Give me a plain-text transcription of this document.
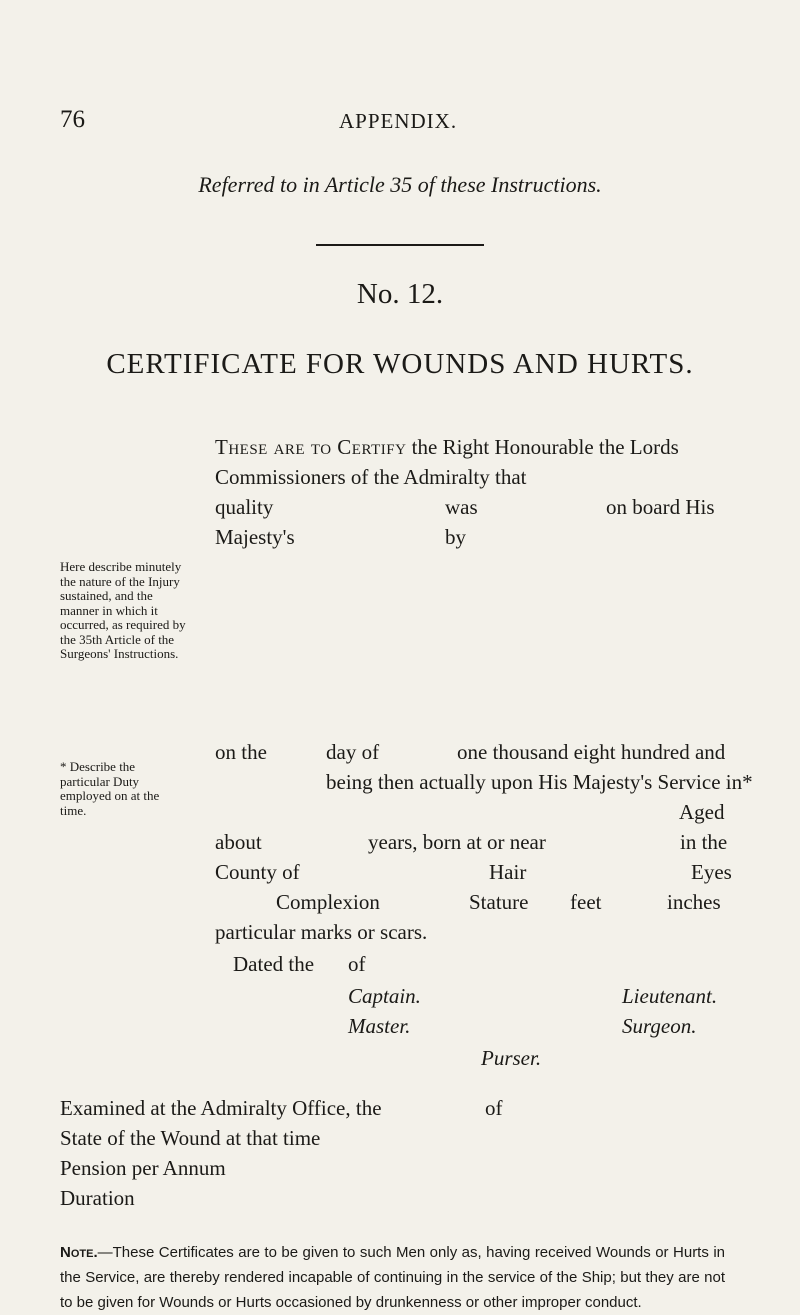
76	APPENDIX.
Referred to in Article 35 of these Instructions.
No. 12.
CERTIFICATE FOR WOUNDS AND HURTS.
These are to Certify the Right Honourable the Lords
Commissioners of the Admiralty that
quality	was	on board His
Majesty's	by
Here describe minutely the nature of the Injury sustained, and the manner in which it occurred, as required by the 35th Article of the Surgeons' Instructions.
* Describe the particular Duty employed on at the time.
on the	day of	one thousand eight hundred and
being then actually upon His Majesty's Service in*
Aged
about	years, born at or near	in the
County of	Hair	Eyes
Complexion	Stature feet	inches
particular marks or scars.
Dated the of
Captain.	Lieutenant.
Master.	Surgeon.
Purser.
Examined at the Admiralty Office, the	of
State of the Wound at that time
Pension per Annum
Duration
Note.—These Certificates are to be given to such Men only as, having received Wounds or Hurts in the Service, are thereby rendered incapable of continuing in the service of the Ship; but they are not to be given for Wounds or Hurts occasioned by drunkenness or other improper conduct.
